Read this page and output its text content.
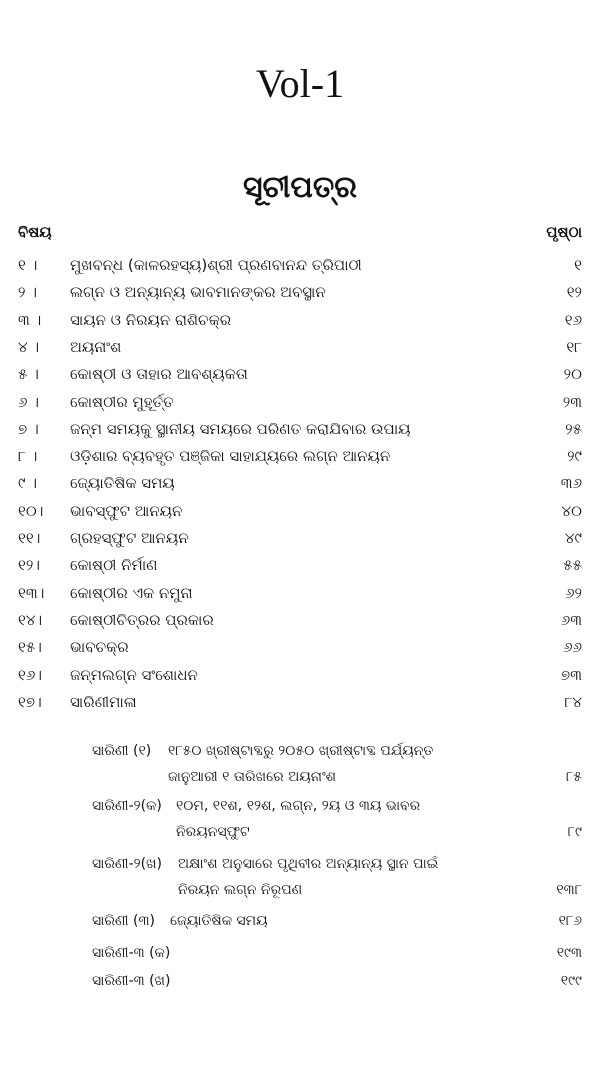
Vol-1
ସୂଚୀପତ୍ର
ବିଷୟ	ପୃଷ୍ଠା
୧ ।	ମୁଖବନ୍ଧ (କାଳରହସ୍ୟ)ଶ୍ରୀ ପ୍ରଣବାନନ୍ଦ ତ୍ରିପାଠୀ	୧
୨ ।	ଲଗ୍ନ ଓ ଅନ୍ୟାନ୍ୟ ଭାବମାନଙ୍କର ଅବସ୍ଥାନ	୧୨
୩ ।	ସାୟନ ଓ ନିରୟନ ରାଶିଚକ୍ର	୧୬
୪ ।	ଅୟନାଂଶ	୧୮
୫ ।	କୋଷ୍ଠୀ ଓ ତାହାର ଆବଶ୍ୟକତା	୨୦
୬ ।	କୋଷ୍ଠୀର ମୁହୂର୍ତ୍ତ	୨୩
୭ ।	ଜନ୍ମ ସମୟକୁ ସ୍ଥାନୀୟ ସମୟରେ ପରିଣତ କରାଯିବାର ଉପାୟ	୨୫
୮ ।	ଓଡ଼ିଶାର ବ୍ୟବହୃତ ପଞ୍ଜିକା ସାହାଯ୍ୟରେ ଲଗ୍ନ ଆନୟନ	୨୯
୯ ।	ଜ୍ୟୋତିଷିକ ସମୟ	୩୬
୧୦।	ଭାବସ୍ଫୁଟ ଆନୟନ	୪୦
୧୧।	ଗ୍ରହସ୍ଫୁଟ ଆନୟନ	୪୯
୧୨।	କୋଷ୍ଠୀ ନିର୍ମାଣ	୫୫
୧୩।	କୋଷ୍ଠୀର ଏକ ନମୁନା	୬୨
୧୪।	କୋଷ୍ଠୀଚିତ୍ରର ପ୍ରକାର	୬୩
୧୫।	ଭାବଚକ୍ର	୬୬
୧୬।	ଜନ୍ମଲଗ୍ନ ସଂଶୋଧନ	୭୩
୧୭।	ସାରିଣୀମାଳା	୮୪
ସାରିଣୀ (୧) ୧୮୫୦ ଖ୍ରୀଷ୍ଟାବ୍ଦରୁ ୨୦୫୦ ଖ୍ରୀଷ୍ଟାବ୍ଦ ପର୍ଯ୍ୟନ୍ତ
ଜାନୁଆରୀ ୧ ତାରିଖରେ ଅୟନାଂଶ	୮୫
ସାରିଣୀ-୨(କ) ୧୦ମ, ୧୧ଶ, ୧୨ଶ, ଲଗ୍ନ, ୨ୟ ଓ ୩ୟ ଭାବର
ନିରୟନସ୍ଫୁଟ	୮୯
ସାରିଣୀ-୨(ଖ) ଅକ୍ଷାଂଶ ଅନୁସାରେ ପୃଥିବୀର ଅନ୍ୟାନ୍ୟ ସ୍ଥାନ ପାଇଁ
ନିରୟନ ଲଗ୍ନ ନିରୂପଣ	୧୩୮
ସାରିଣୀ (୩) ଜ୍ୟୋତିଷିକ ସମୟ	୧୮୬
ସାରିଣୀ-୩ (କ)	୧୯୩
ସାରିଣୀ-୩ (ଖ)	୧୯୯
